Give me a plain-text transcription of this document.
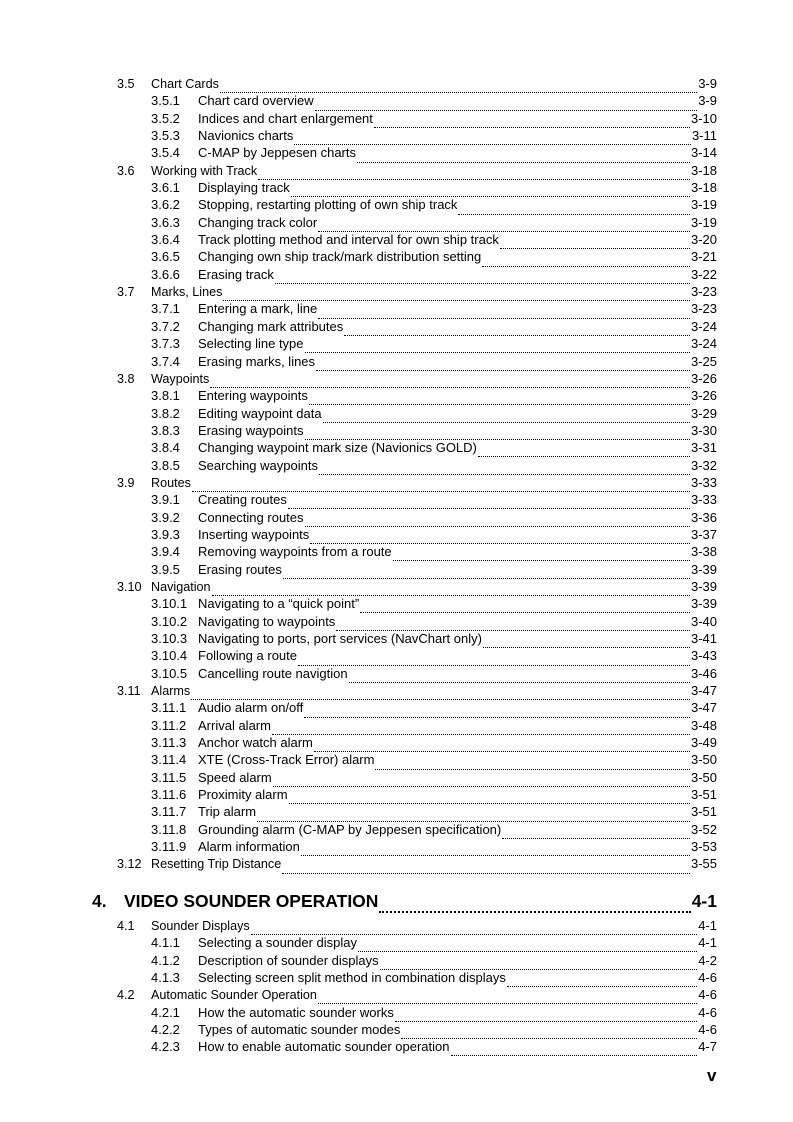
3.5	Chart Cards	3-9
3.5.1	Chart card overview	3-9
3.5.2	Indices and chart enlargement	3-10
3.5.3	Navionics charts	3-11
3.5.4	C-MAP by Jeppesen charts	3-14
3.6	Working with Track	3-18
3.6.1	Displaying track	3-18
3.6.2	Stopping, restarting plotting of own ship track	3-19
3.6.3	Changing track color	3-19
3.6.4	Track plotting method and interval for own ship track	3-20
3.6.5	Changing own ship track/mark distribution setting	3-21
3.6.6	Erasing track	3-22
3.7	Marks, Lines	3-23
3.7.1	Entering a mark, line	3-23
3.7.2	Changing mark attributes	3-24
3.7.3	Selecting line type	3-24
3.7.4	Erasing marks, lines	3-25
3.8	Waypoints	3-26
3.8.1	Entering waypoints	3-26
3.8.2	Editing waypoint data	3-29
3.8.3	Erasing waypoints	3-30
3.8.4	Changing waypoint mark size (Navionics GOLD)	3-31
3.8.5	Searching waypoints	3-32
3.9	Routes	3-33
3.9.1	Creating routes	3-33
3.9.2	Connecting routes	3-36
3.9.3	Inserting waypoints	3-37
3.9.4	Removing waypoints from a route	3-38
3.9.5	Erasing routes	3-39
3.10 Navigation	3-39
3.10.1 Navigating to a “quick point”	3-39
3.10.2 Navigating to waypoints	3-40
3.10.3 Navigating to ports, port services (NavChart only)	3-41
3.10.4 Following a route	3-43
3.10.5 Cancelling route navigtion	3-46
3.11 Alarms	3-47
3.11.1 Audio alarm on/off	3-47
3.11.2 Arrival alarm	3-48
3.11.3 Anchor watch alarm	3-49
3.11.4 XTE (Cross-Track Error) alarm	3-50
3.11.5 Speed alarm	3-50
3.11.6 Proximity alarm	3-51
3.11.7 Trip alarm	3-51
3.11.8 Grounding alarm (C-MAP by Jeppesen specification)	3-52
3.11.9 Alarm information	3-53
3.12 Resetting Trip Distance	3-55
4. VIDEO SOUNDER OPERATION	4-1
4.1	Sounder Displays	4-1
4.1.1	Selecting a sounder display	4-1
4.1.2	Description of sounder displays	4-2
4.1.3	Selecting screen split method in combination displays	4-6
4.2	Automatic Sounder Operation	4-6
4.2.1	How the automatic sounder works	4-6
4.2.2	Types of automatic sounder modes	4-6
4.2.3	How to enable automatic sounder operation	4-7
v
